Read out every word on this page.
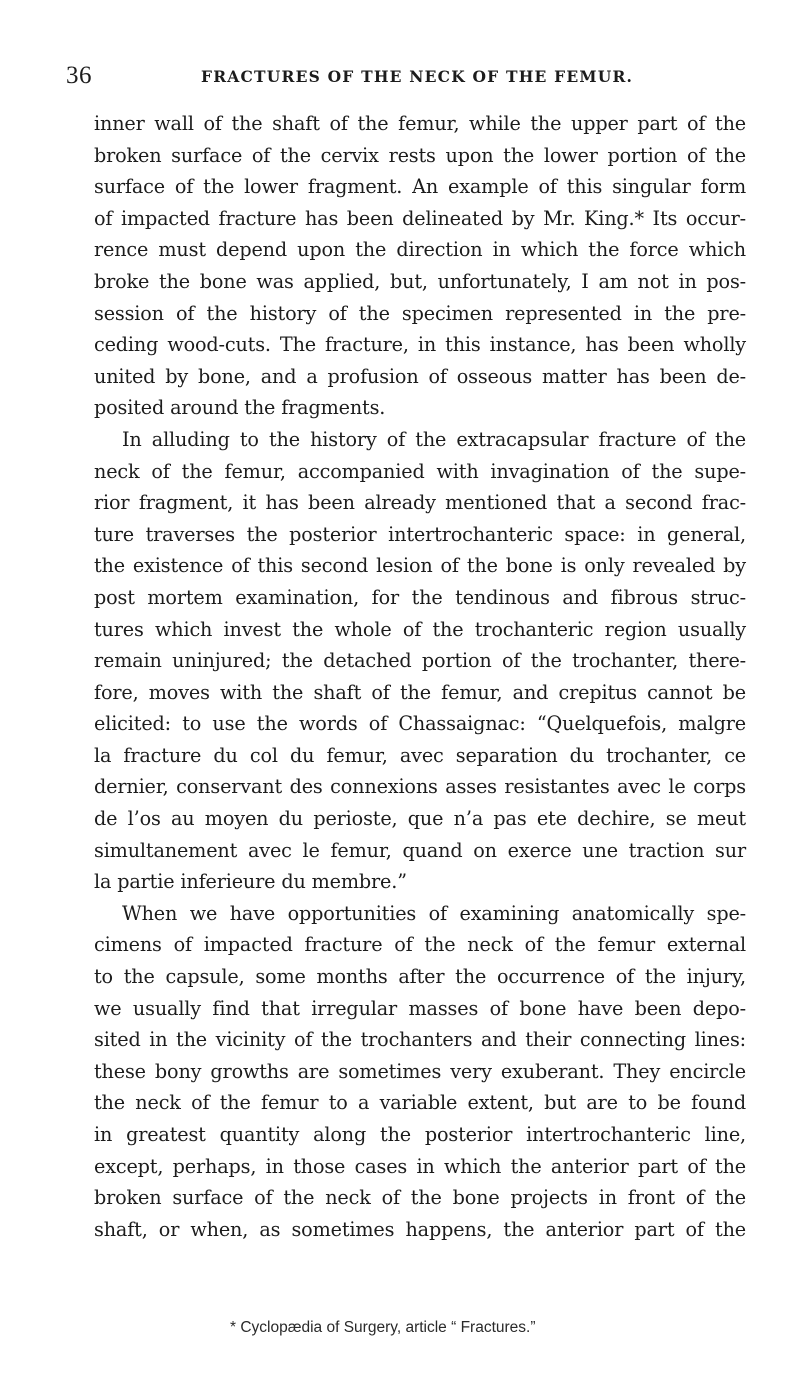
36	FRACTURES OF THE NECK OF THE FEMUR.
inner wall of the shaft of the femur, while the upper part of the
broken surface of the cervix rests upon the lower portion of the
surface of the lower fragment. An example of this singular form
of impacted fracture has been delineated by Mr. King.* Its occur-
rence must depend upon the direction in which the force which
broke the bone was applied, but, unfortunately, I am not in pos-
session of the history of the specimen represented in the pre-
ceding wood-cuts. The fracture, in this instance, has been wholly
united by bone, and a profusion of osseous matter has been de-
posited around the fragments.
In alluding to the history of the extracapsular fracture of the
neck of the femur, accompanied with invagination of the supe-
rior fragment, it has been already mentioned that a second frac-
ture traverses the posterior intertrochanteric space: in general,
the existence of this second lesion of the bone is only revealed by
post mortem examination, for the tendinous and fibrous struc-
tures which invest the whole of the trochanteric region usually
remain uninjured; the detached portion of the trochanter, there-
fore, moves with the shaft of the femur, and crepitus cannot be
elicited: to use the words of Chassaignac: “Quelquefois, malgre
la fracture du col du femur, avec separation du trochanter, ce
dernier, conservant des connexions asses resistantes avec le corps
de l’os au moyen du perioste, que n’a pas ete dechire, se meut
simultanement avec le femur, quand on exerce une traction sur
la partie inferieure du membre.”
When we have opportunities of examining anatomically spe-
cimens of impacted fracture of the neck of the femur external
to the capsule, some months after the occurrence of the injury,
we usually find that irregular masses of bone have been depo-
sited in the vicinity of the trochanters and their connecting lines:
these bony growths are sometimes very exuberant. They encircle
the neck of the femur to a variable extent, but are to be found
in greatest quantity along the posterior intertrochanteric line,
except, perhaps, in those cases in which the anterior part of the
broken surface of the neck of the bone projects in front of the
shaft, or when, as sometimes happens, the anterior part of the
* Cyclopædia of Surgery, article “ Fractures.”
